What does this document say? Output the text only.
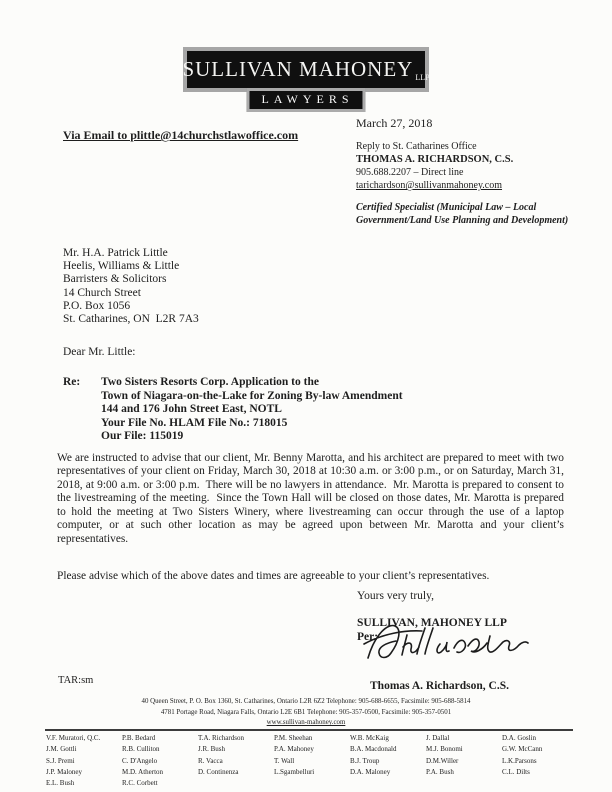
SULLIVAN MAHONEY LLP
LAWYERS
March 27, 2018
Via Email to plittle@14churchstlawoffice.com
Reply to St. Catharines Office
THOMAS A. RICHARDSON, C.S.
905.688.2207 – Direct line
tarichardson@sullivanmahoney.com
Certified Specialist (Municipal Law – Local
Government/Land Use Planning and Development)
Mr. H.A. Patrick Little
Heelis, Williams & Little
Barristers & Solicitors
14 Church Street
P.O. Box 1056
St. Catharines, ON  L2R 7A3
Dear Mr. Little:
Re:	Two Sisters Resorts Corp. Application to the
Town of Niagara-on-the-Lake for Zoning By-law Amendment
144 and 176 John Street East, NOTL
Your File No. HLAM File No.: 718015
Our File: 115019

We are instructed to advise that our client, Mr. Benny Marotta, and his architect are prepared to meet with two representatives of your client on Friday, March 30, 2018 at 10:30 a.m. or 3:00 p.m., or on Saturday, March 31, 2018, at 9:00 a.m. or 3:00 p.m.  There will be no lawyers in attendance.  Mr. Marotta is prepared to consent to the livestreaming of the meeting.  Since the Town Hall will be closed on those dates, Mr. Marotta is prepared to hold the meeting at Two Sisters Winery, where livestreaming can occur through the use of a laptop computer, or at such other location as may be agreed upon between Mr. Marotta and your client’s representatives.

Please advise which of the above dates and times are agreeable to your client’s representatives.

Yours very truly,
SULLIVAN, MAHONEY LLP
Per:
Thomas A. Richardson, C.S.
TAR:sm
40 Queen Street, P. O. Box 1360, St. Catharines, Ontario L2R 6Z2 Telephone: 905-688-6655, Facsimile: 905-688-5814
4781 Portage Road, Niagara Falls, Ontario L2E 6B1 Telephone: 905-357-0500, Facsimile: 905-357-0501
www.sullivan-mahoney.com
V.F. Muratori, Q.C.
J.M. Gottli
S.J. Premi
J.P. Maloney
E.L. Bush
P.B. Bedard
R.B. Culliton
C. D'Angelo
M.D. Atherton
R.C. Corbett
T.A. Richardson
J.R. Bush
R. Vacca
D. Continenza
P.M. Sheehan
P.A. Mahoney
T. Wall
L.Sgambelluri
W.B. McKaig
B.A. Macdonald
B.J. Troup
D.A. Maloney
J. Dallal
M.J. Bonomi
D.M.Willer
P.A. Bush
D.A. Goslin
G.W. McCann
L.K.Parsons
C.L. Dilts
